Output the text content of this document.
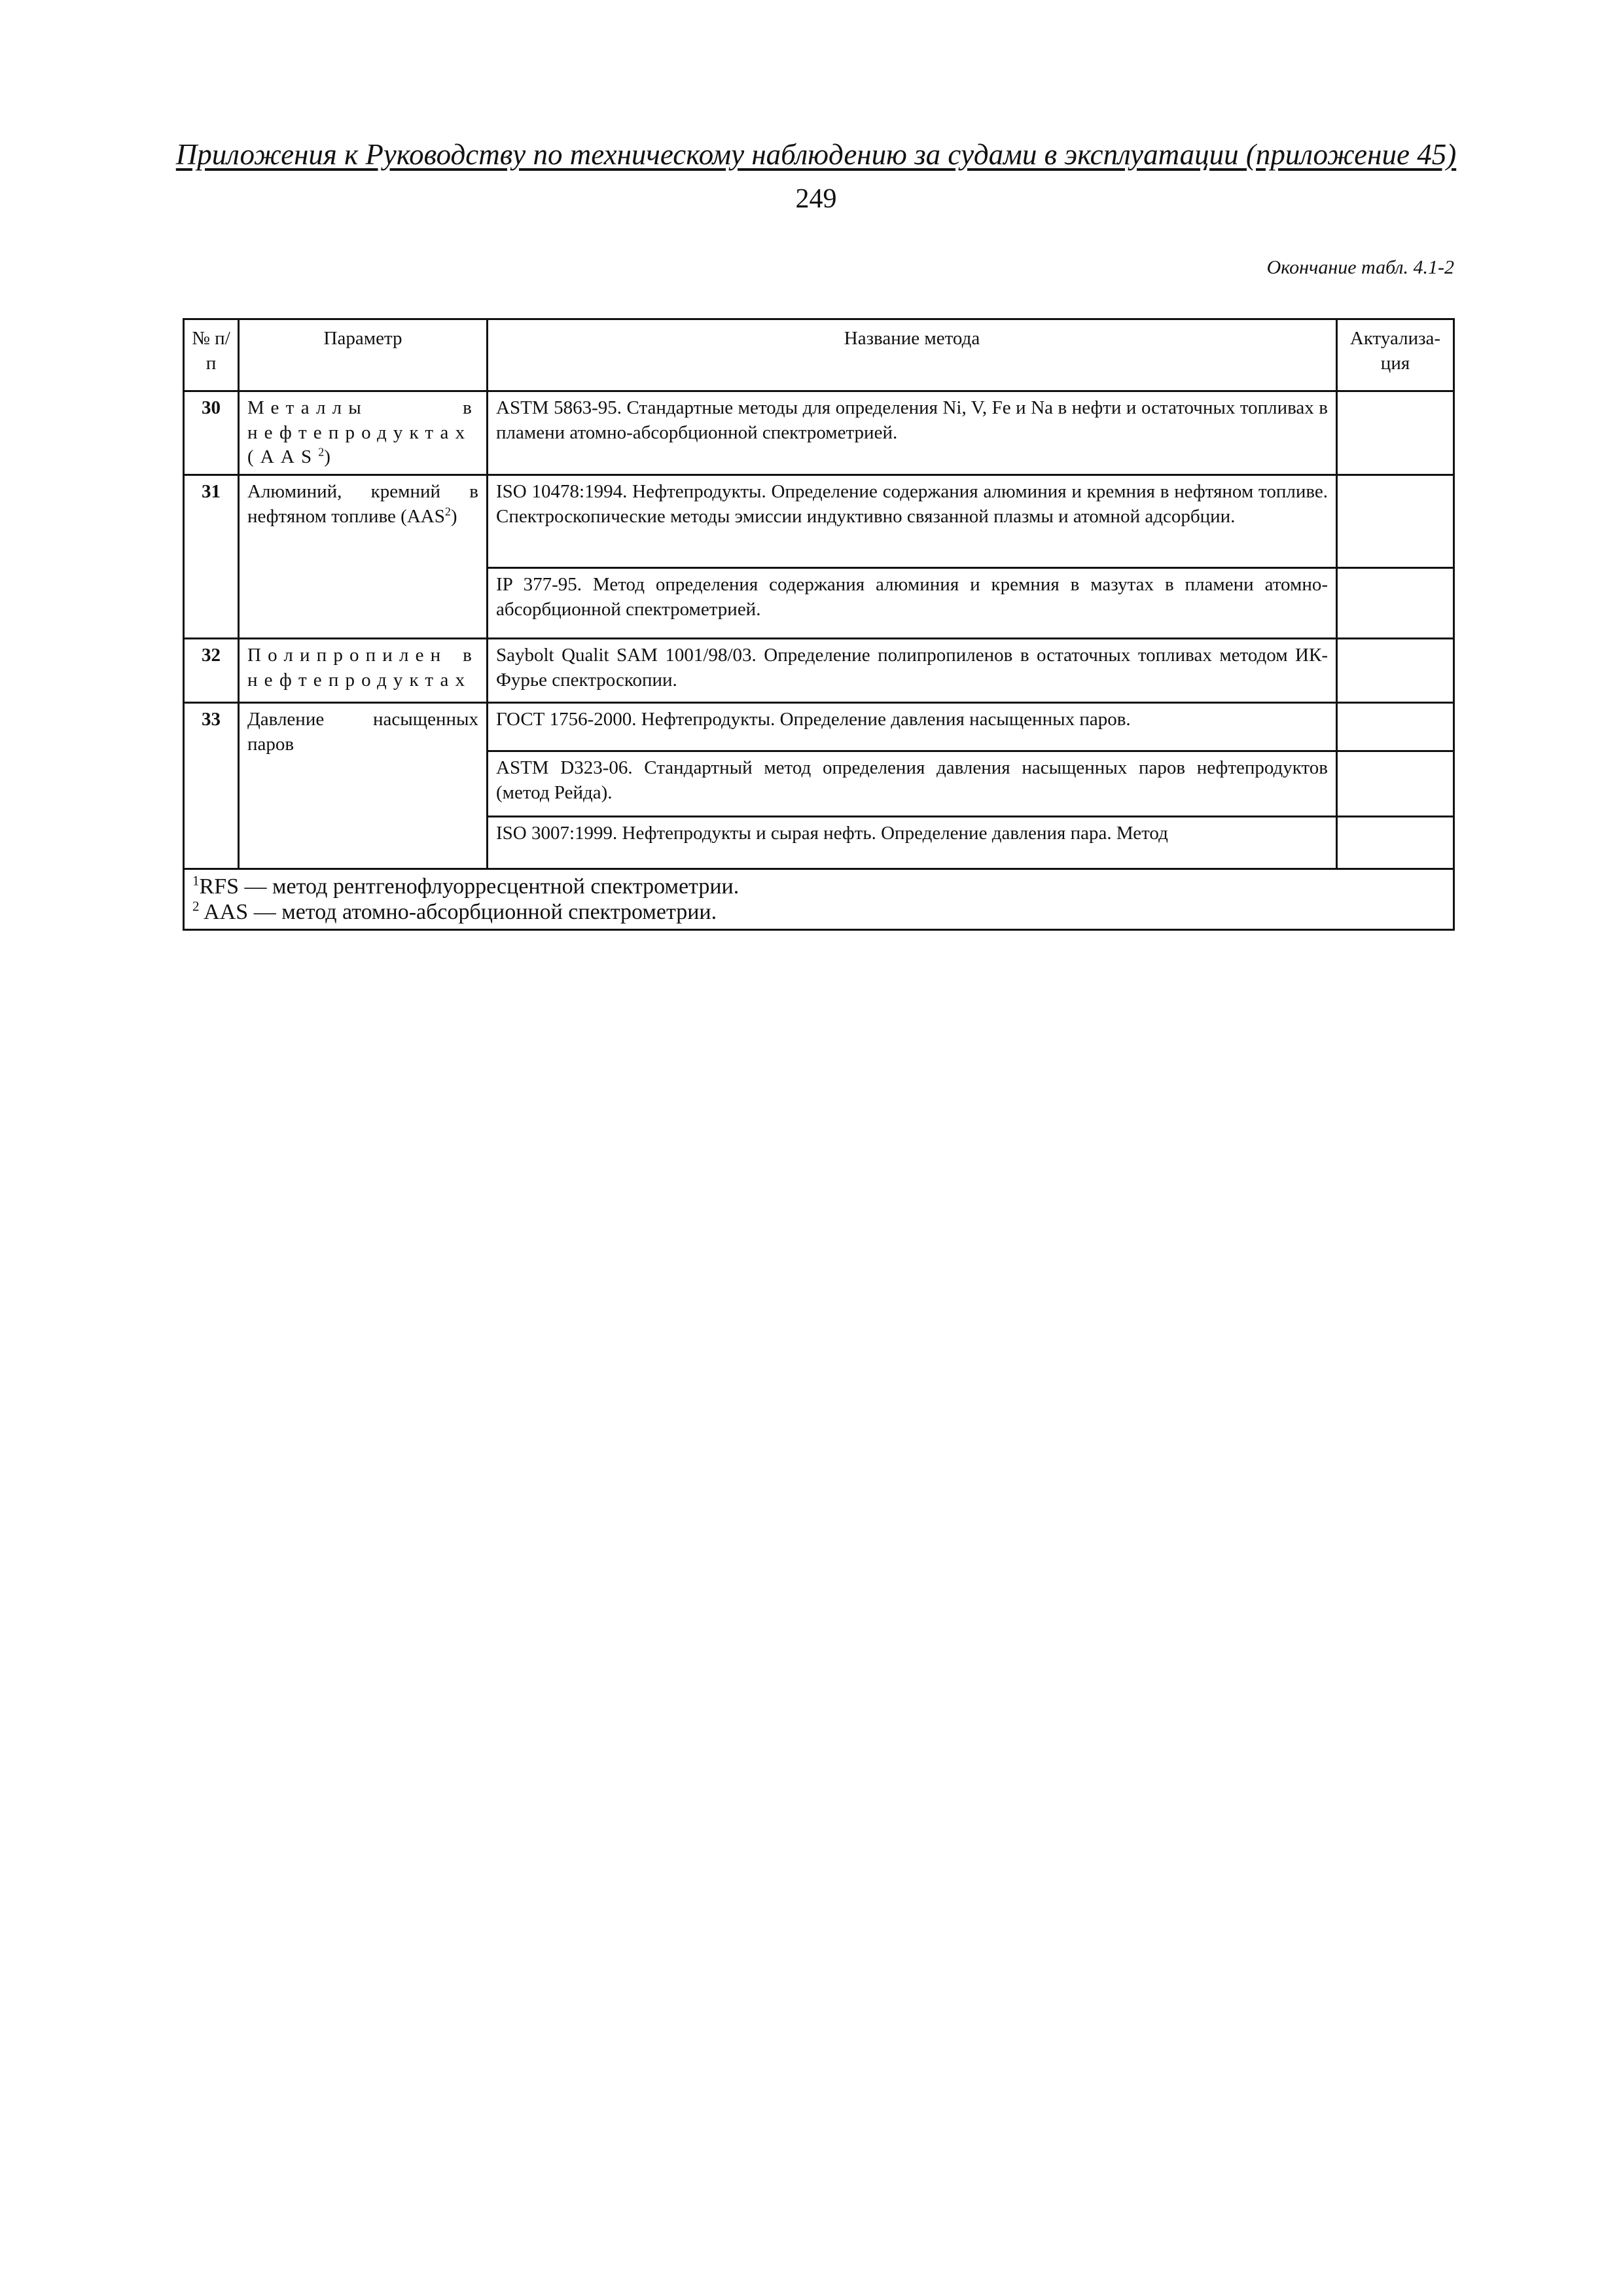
Приложения к Руководству по техническому наблюдению за судами в эксплуатации (приложение 45)
249
Окончание табл. 4.1-2
№ п/п	Параметр	Название метода	Актуализа-ция
30	Металлы в нефтепродуктах (AAS$^2$)	ASTM 5863-95. Стандартные методы для определения Ni, V, Fe и Na в нефти и остаточных топливах в пламени атомно-абсорбционной спектрометрией.	
31	Алюминий, кремний в нефтяном топливе (AAS$^2$)	ISO 10478:1994. Нефтепродукты. Определение содержания алюминия и кремния в нефтяном топливе. Спектроскопические методы эмиссии индуктивно связанной плазмы и атомной адсорбции.	
		IP 377-95. Метод определения содержания алюминия и кремния в мазутах в пламени атомно-абсорбционной спектрометрией.	
32	Полипропилен в нефтепродуктах	Saybolt Qualit SAM 1001/98/03. Определение полипропиленов в остаточных топливах методом ИК-Фурье спектроскопии.	
33	Давление насыщенных паров	ГОСТ 1756-2000. Нефтепродукты. Определение давления насыщенных паров.	
		ASTM D323-06. Стандартный метод определения давления насыщенных паров нефтепродуктов (метод Рейда).	
		ISO 3007:1999. Нефтепродукты и сырая нефть. Определение давления пара. Метод	

$^1$RFS — метод рентгенофлуорресцентной спектрометрии.
$^2$ AAS — метод атомно-абсорбционной спектрометрии.			
